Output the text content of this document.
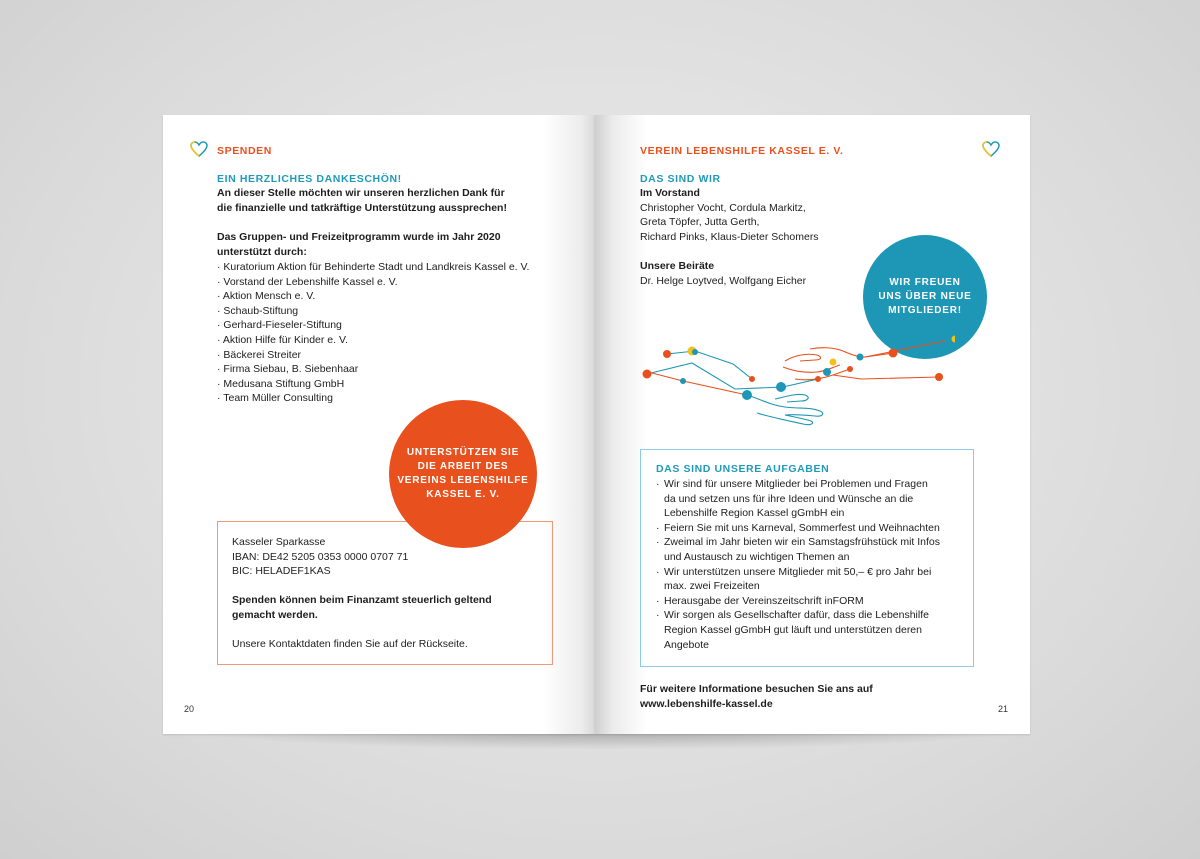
SPENDEN
EIN HERZLICHES DANKESCHÖN!
An dieser Stelle möchten wir unseren herzlichen Dank für
die finanzielle und tatkräftige Unterstützung aussprechen!
Das Gruppen- und Freizeitprogramm wurde im Jahr 2020
unterstützt durch:
· Kuratorium Aktion für Behinderte Stadt und Landkreis Kassel e. V.
· Vorstand der Lebenshilfe Kassel e. V.
· Aktion Mensch e. V.
· Schaub-Stiftung
· Gerhard-Fieseler-Stiftung
· Aktion Hilfe für Kinder e. V.
· Bäckerei Streiter
· Firma Siebau, B. Siebenhaar
· Medusana Stiftung GmbH
· Team Müller Consulting
Kasseler Sparkasse
IBAN: DE42 5205 0353 0000 0707 71
BIC: HELADEF1KAS
Spenden können beim Finanzamt steuerlich geltend
gemacht werden.
Unsere Kontaktdaten finden Sie auf der Rückseite.
UNTERSTÜTZEN SIE
DIE ARBEIT DES
VEREINS LEBENSHILFE
KASSEL E. V.
20
VEREIN LEBENSHILFE KASSEL E. V.
DAS SIND WIR
Im Vorstand
Christopher Vocht, Cordula Markitz,
Greta Töpfer, Jutta Gerth,
Richard Pinks, Klaus-Dieter Schomers
Unsere Beiräte
Dr. Helge Loytved, Wolfgang Eicher	WIR FREUEN
UNS ÜBER NEUE
MITGLIEDER!
DAS SIND UNSERE AUFGABEN
· Wir sind für unsere Mitglieder bei Problemen und Fragen
da und setzen uns für ihre Ideen und Wünsche an die
Lebenshilfe Region Kassel gGmbH ein
· Feiern Sie mit uns Karneval, Sommerfest und Weihnachten
· Zweimal im Jahr bieten wir ein Samstagsfrühstück mit Infos
und Austausch zu wichtigen Themen an
· Wir unterstützen unsere Mitglieder mit 50,– € pro Jahr bei
max. zwei Freizeiten
· Herausgabe der Vereinszeitschrift inFORM
· Wir sorgen als Gesellschafter dafür, dass die Lebenshilfe
Region Kassel gGmbH gut läuft und unterstützen deren
Angebote
Für weitere Informatione besuchen Sie ans auf
www.lebenshilfe-kassel.de	21
